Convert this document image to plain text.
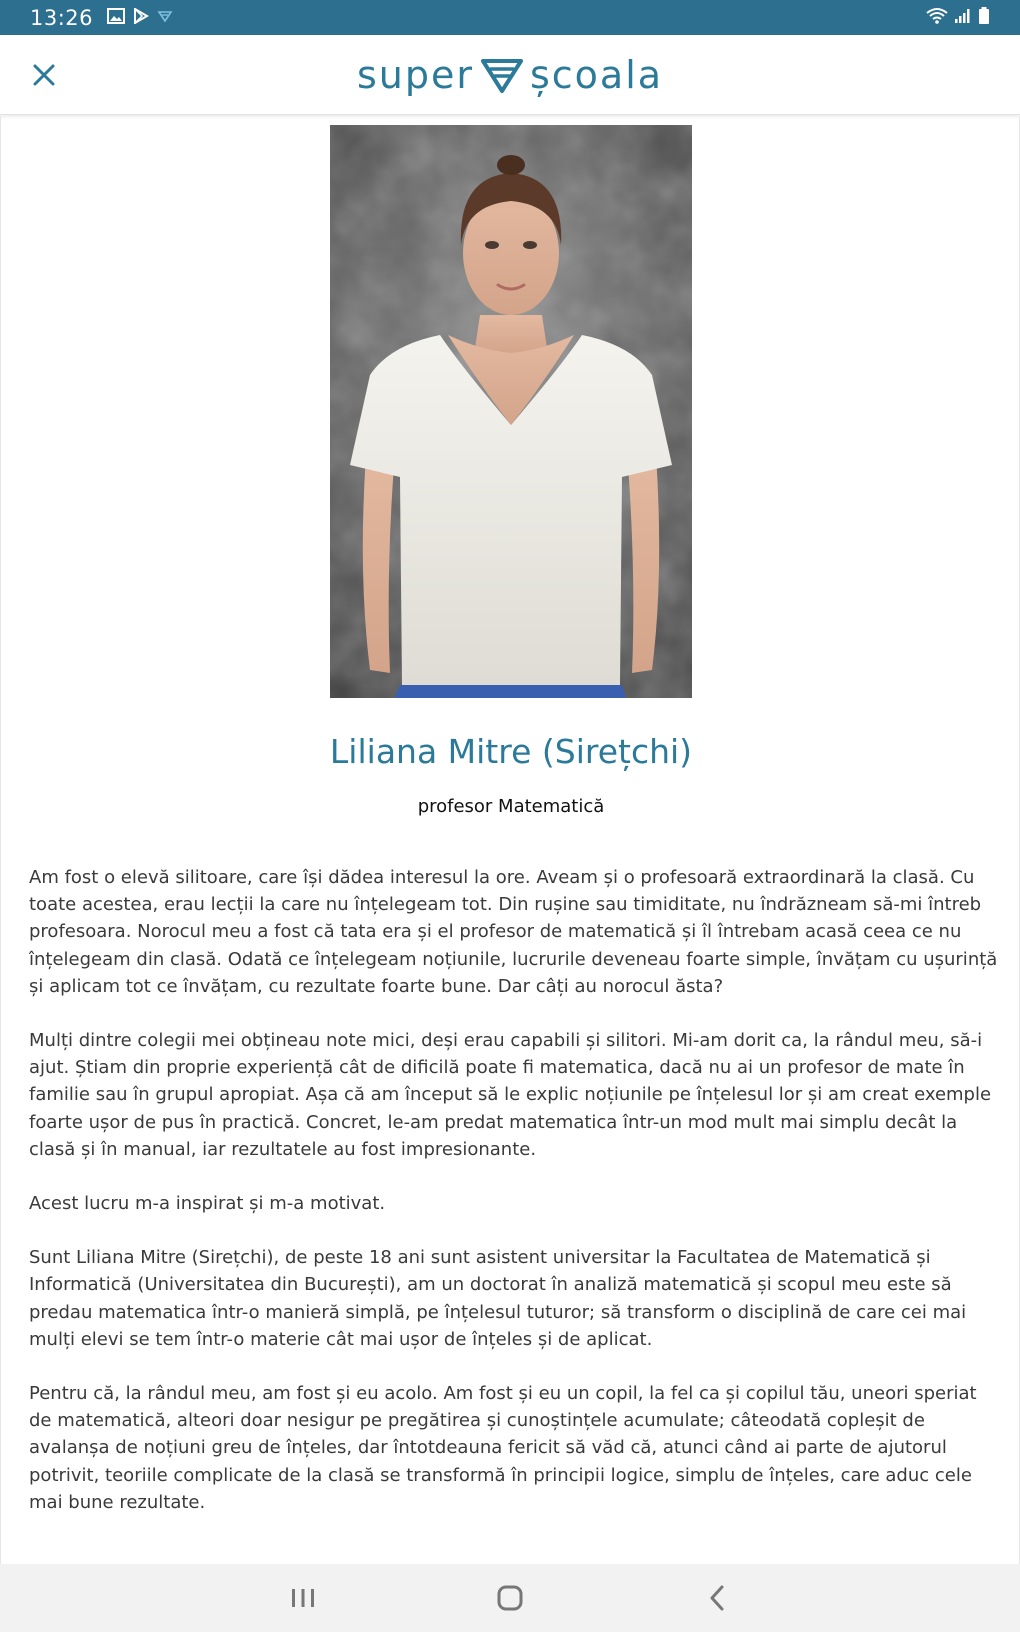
13:26
super școala
Liliana Mitre (Sirețchi)
profesor Matematică

Am fost o elevă silitoare, care își dădea interesul la ore. Aveam și o profesoară extraordinară la clasă. Cu toate acestea, erau lecții la care nu înțelegeam tot. Din rușine sau timiditate, nu îndrăzneam să-mi întreb profesoara. Norocul meu a fost că tata era și el profesor de matematică și îl întrebam acasă ceea ce nu înțelegeam din clasă. Odată ce înțelegeam noțiunile, lucrurile deveneau foarte simple, învățam cu ușurință și aplicam tot ce învățam, cu rezultate foarte bune. Dar câți au norocul ăsta?

Mulți dintre colegii mei obțineau note mici, deși erau capabili și silitori. Mi-am dorit ca, la rândul meu, să-i ajut. Știam din proprie experiență cât de dificilă poate fi matematica, dacă nu ai un profesor de mate în familie sau în grupul apropiat. Așa că am început să le explic noțiunile pe înțelesul lor și am creat exemple foarte ușor de pus în practică. Concret, le-am predat matematica într-un mod mult mai simplu decât la clasă și în manual, iar rezultatele au fost impresionante.

Acest lucru m-a inspirat și m-a motivat.

Sunt Liliana Mitre (Sirețchi), de peste 18 ani sunt asistent universitar la Facultatea de Matematică și Informatică (Universitatea din București), am un doctorat în analiză matematică și scopul meu este să predau matematica într-o manieră simplă, pe înțelesul tuturor; să transform o disciplină de care cei mai mulți elevi se tem într-o materie cât mai ușor de înțeles și de aplicat.

Pentru că, la rândul meu, am fost și eu acolo. Am fost și eu un copil, la fel ca și copilul tău, uneori speriat de matematică, alteori doar nesigur pe pregătirea și cunoștințele acumulate; câteodată copleșit de avalanșa de noțiuni greu de înțeles, dar întotdeauna fericit să văd că, atunci când ai parte de ajutorul potrivit, teoriile complicate de la clasă se transformă în principii logice, simplu de înțeles, care aduc cele mai bune rezultate.
